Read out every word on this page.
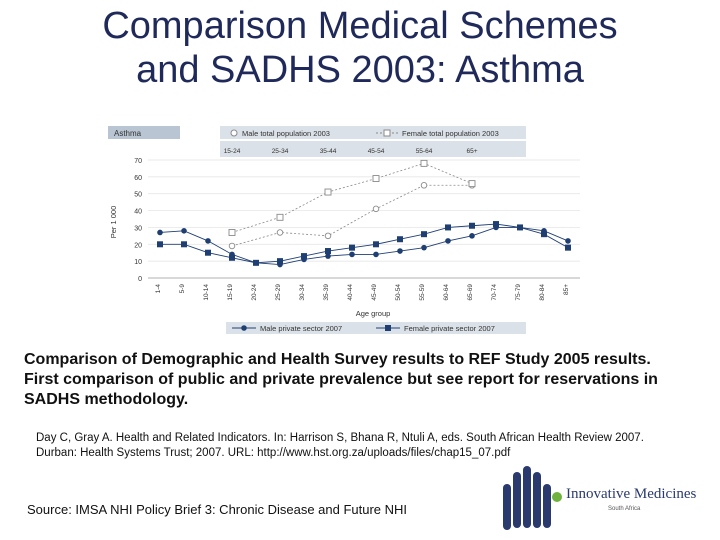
Comparison Medical Schemes
and SADHS 2003: Asthma
Asthma
0
10
20
30
40
50
60
70
1-4	5-9	10-14	15-19	20-24	25-29	30-34	35-39	40-44	45-49	50-54	55-59	60-64	65-69	70-74	75-79	80-84	85+
15-24	25-34	35-44	45-54	55-64	65+
Per 1 000
Age group
Male total population 2003	Female total population 2003
Male private sector 2007	Female private sector 2007
Comparison of Demographic and Health Survey results to REF Study 2005 results. First comparison of public and private prevalence but see report for reservations in SADHS methodology.
Day C, Gray A. Health and Related Indicators. In: Harrison S, Bhana R, Ntuli A, eds. South African Health Review 2007. Durban: Health Systems Trust; 2007. URL: http://www.hst.org.za/uploads/files/chap15_07.pdf
Source: IMSA NHI Policy Brief 3: Chronic Disease and Future NHI
Innovative Medicines
South Africa
